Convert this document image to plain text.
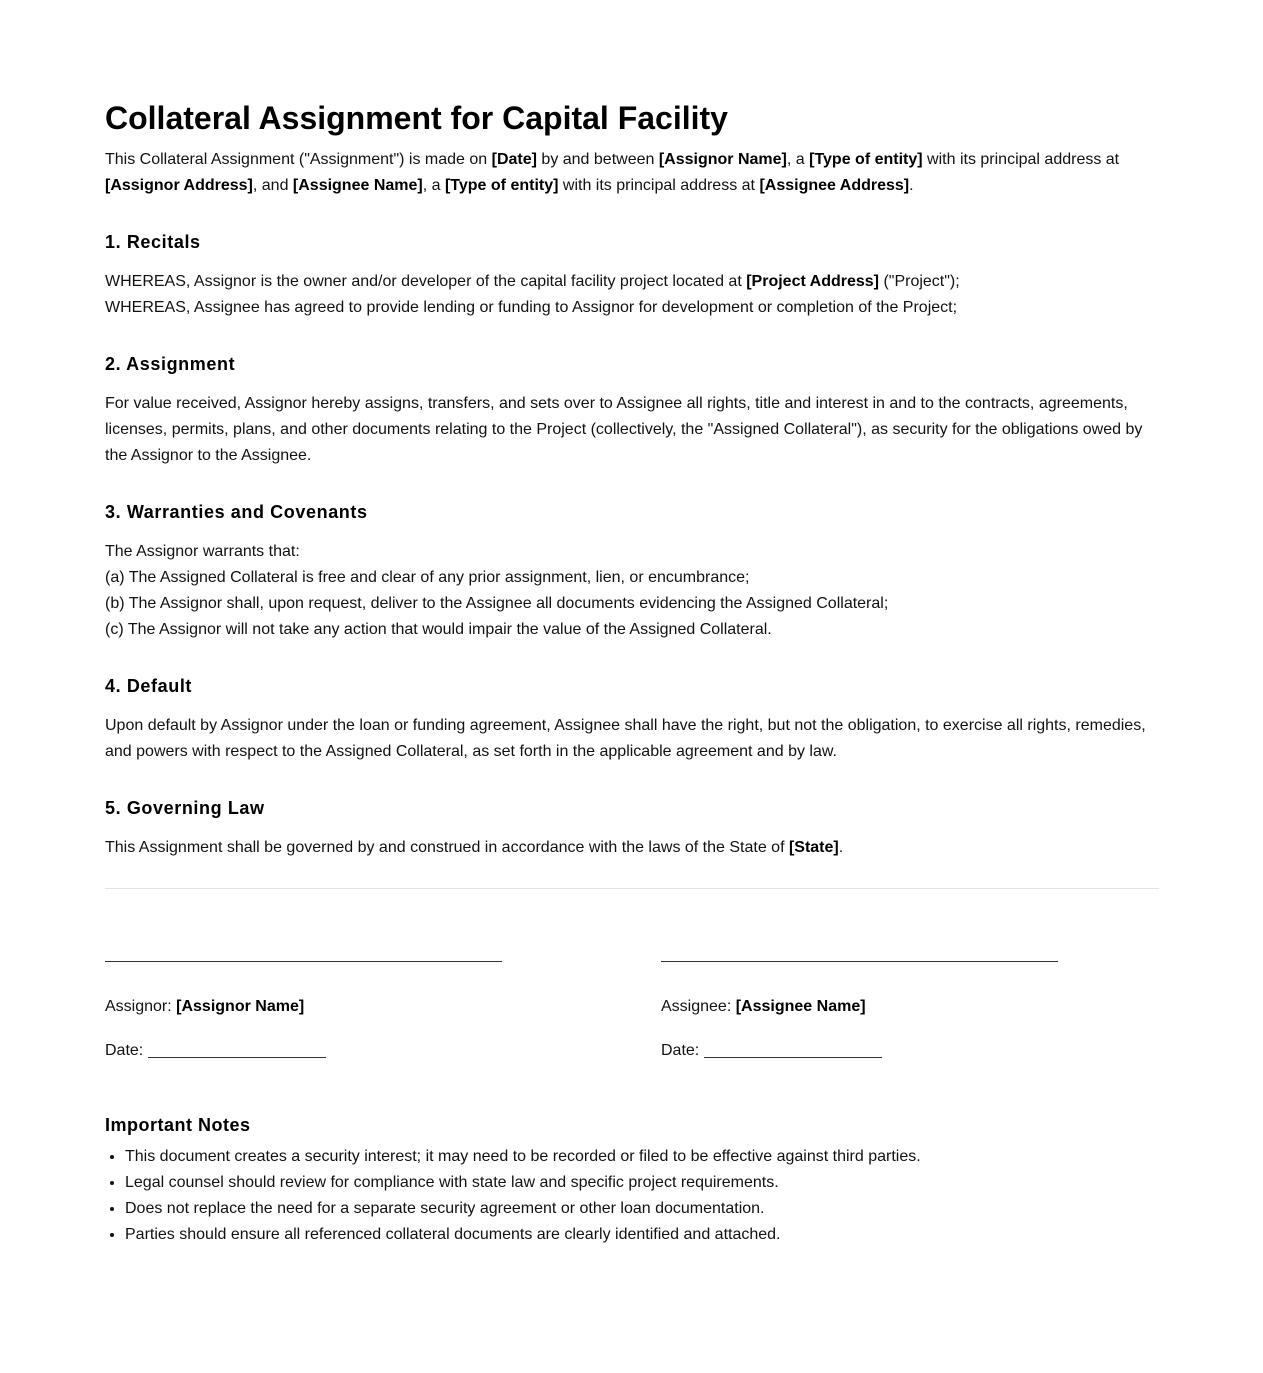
Collateral Assignment for Capital Facility

This Collateral Assignment ("Assignment") is made on [Date] by and between [Assignor Name], a [Type of entity] with its principal address at [Assignor Address], and [Assignee Name], a [Type of entity] with its principal address at [Assignee Address].

1. Recitals

WHEREAS, Assignor is the owner and/or developer of the capital facility project located at [Project Address] ("Project");
WHEREAS, Assignee has agreed to provide lending or funding to Assignor for development or completion of the Project;

2. Assignment

For value received, Assignor hereby assigns, transfers, and sets over to Assignee all rights, title and interest in and to the contracts, agreements, licenses, permits, plans, and other documents relating to the Project (collectively, the "Assigned Collateral"), as security for the obligations owed by the Assignor to the Assignee.

3. Warranties and Covenants

The Assignor warrants that:
(a) The Assigned Collateral is free and clear of any prior assignment, lien, or encumbrance;
(b) The Assignor shall, upon request, deliver to the Assignee all documents evidencing the Assigned Collateral;
(c) The Assignor will not take any action that would impair the value of the Assigned Collateral.

4. Default

Upon default by Assignor under the loan or funding agreement, Assignee shall have the right, but not the obligation, to exercise all rights, remedies, and powers with respect to the Assigned Collateral, as set forth in the applicable agreement and by law.

5. Governing Law

This Assignment shall be governed by and construed in accordance with the laws of the State of [State].

Assignor: [Assignor Name]
Date:
Assignee: [Assignee Name]
Date:
Important Notes
• This document creates a security interest; it may need to be recorded or filed to be effective against third parties.
• Legal counsel should review for compliance with state law and specific project requirements.
• Does not replace the need for a separate security agreement or other loan documentation.
• Parties should ensure all referenced collateral documents are clearly identified and attached.
